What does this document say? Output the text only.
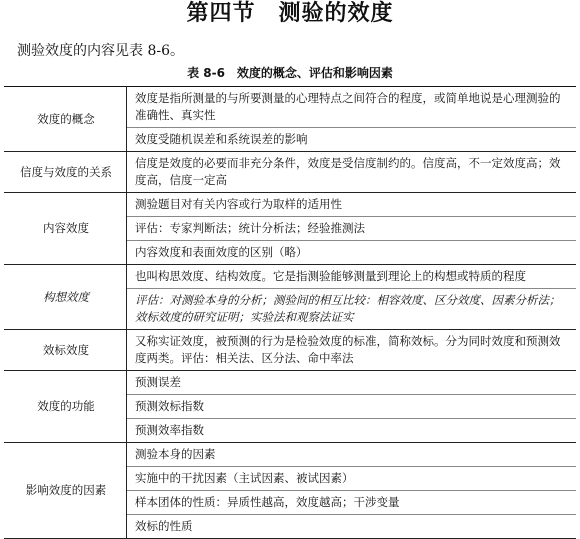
第四节　测验的效度
测验效度的内容见表 8-6。
表 8-6　效度的概念、评估和影响因素
效度的概念	效度是指所测量的与所要测量的心理特点之间符合的程度，或简单地说是心理测验的准确性、真实性
	效度受随机误差和系统误差的影响
信度与效度的关系	信度是效度的必要而非充分条件，效度是受信度制约的。信度高，不一定效度高；效度高，信度一定高
内容效度	测验题目对有关内容或行为取样的适用性
	评估：专家判断法；统计分析法；经验推测法
	内容效度和表面效度的区别（略）
构想效度	也叫构思效度、结构效度。它是指测验能够测量到理论上的构想或特质的程度
	评估：对测验本身的分析；测验间的相互比较：相容效度、区分效度、因素分析法；效标效度的研究证明；实验法和观察法证实
效标效度	又称实证效度，被预测的行为是检验效度的标准，简称效标。分为同时效度和预测效度两类。评估：相关法、区分法、命中率法
效度的功能	预测误差
	预测效标指数
	预测效率指数
影响效度的因素	测验本身的因素
	实施中的干扰因素（主试因素、被试因素）
	样本团体的性质：异质性越高，效度越高；干涉变量
	效标的性质
